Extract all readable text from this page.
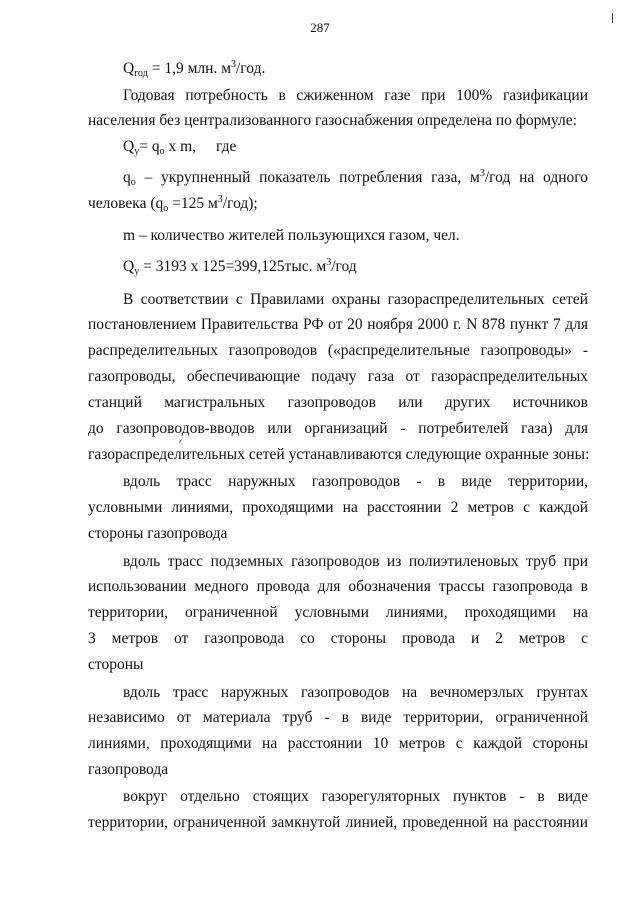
287
$Q_{год} = 1,9$ млн. $м^3$/год.
Годовая потребность в сжиженном газе при 100% газификации
населения без централизованного газоснабжения определена по формуле:
$Q_у= q_о$ x m, где
$q_о$ – укрупненный показатель потребления газа, $м^3$/год на одного
человека ($q_о =125$ $м^3/год$);
m – количество жителей пользующихся газом, чел.
$Q_у = 3193$ x 125=399,125тыс. $м^3$/год
В соответствии с Правилами охраны газораспределительных сетей
постановлением Правительства РФ от 20 ноября 2000 г. N 878 пункт 7 для
распределительных газопроводов («распределительные газопроводы» -
газопроводы, обеспечивающие подачу газа от газораспределительных
станций магистральных газопроводов или других источников
до газопроводов-вводов или организаций - потребителей газа) для
газораспределительных сетей устанавливаются следующие охранные зоны:
вдоль трасс наружных газопроводов - в виде территории,
условными линиями, проходящими на расстоянии 2 метров с каждой
стороны газопровода
вдоль трасс подземных газопроводов из полиэтиленовых труб при
использовании медного провода для обозначения трассы газопровода в
территории, ограниченной условными линиями, проходящими на
3 метров от газопровода со стороны провода и 2 метров с
стороны
вдоль трасс наружных газопроводов на вечномерзлых грунтах
независимо от материала труб - в виде территории, ограниченной
линиями, проходящими на расстоянии 10 метров с каждой стороны
газопровода
вокруг отдельно стоящих газорегуляторных пунктов - в виде
территории, ограниченной замкнутой линией, проведенной на расстоянии
